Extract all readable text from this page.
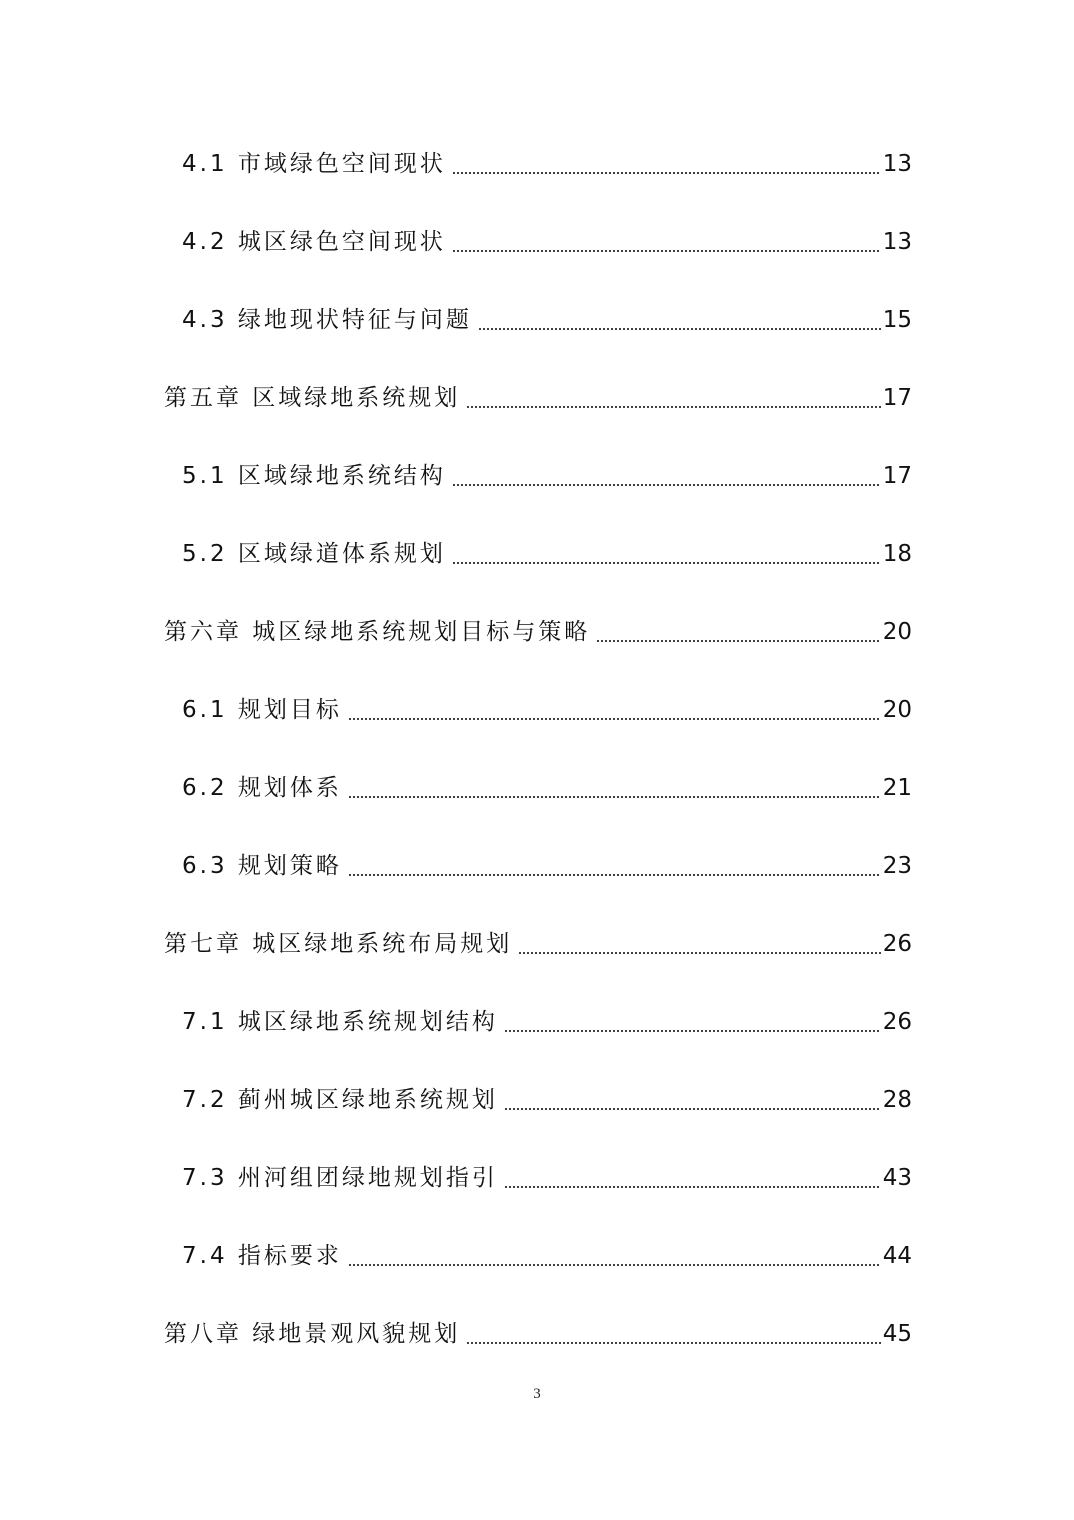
4.1 市域绿色空间现状	13
4.2 城区绿色空间现状	13
4.3 绿地现状特征与问题	15
第五章 区域绿地系统规划	17
5.1 区域绿地系统结构	17
5.2 区域绿道体系规划	18
第六章 城区绿地系统规划目标与策略	20
6.1 规划目标	20
6.2 规划体系	21
6.3 规划策略	23
第七章 城区绿地系统布局规划	26
7.1 城区绿地系统规划结构	26
7.2 蓟州城区绿地系统规划	28
7.3 州河组团绿地规划指引	43
7.4 指标要求	44
第八章 绿地景观风貌规划	45
3
